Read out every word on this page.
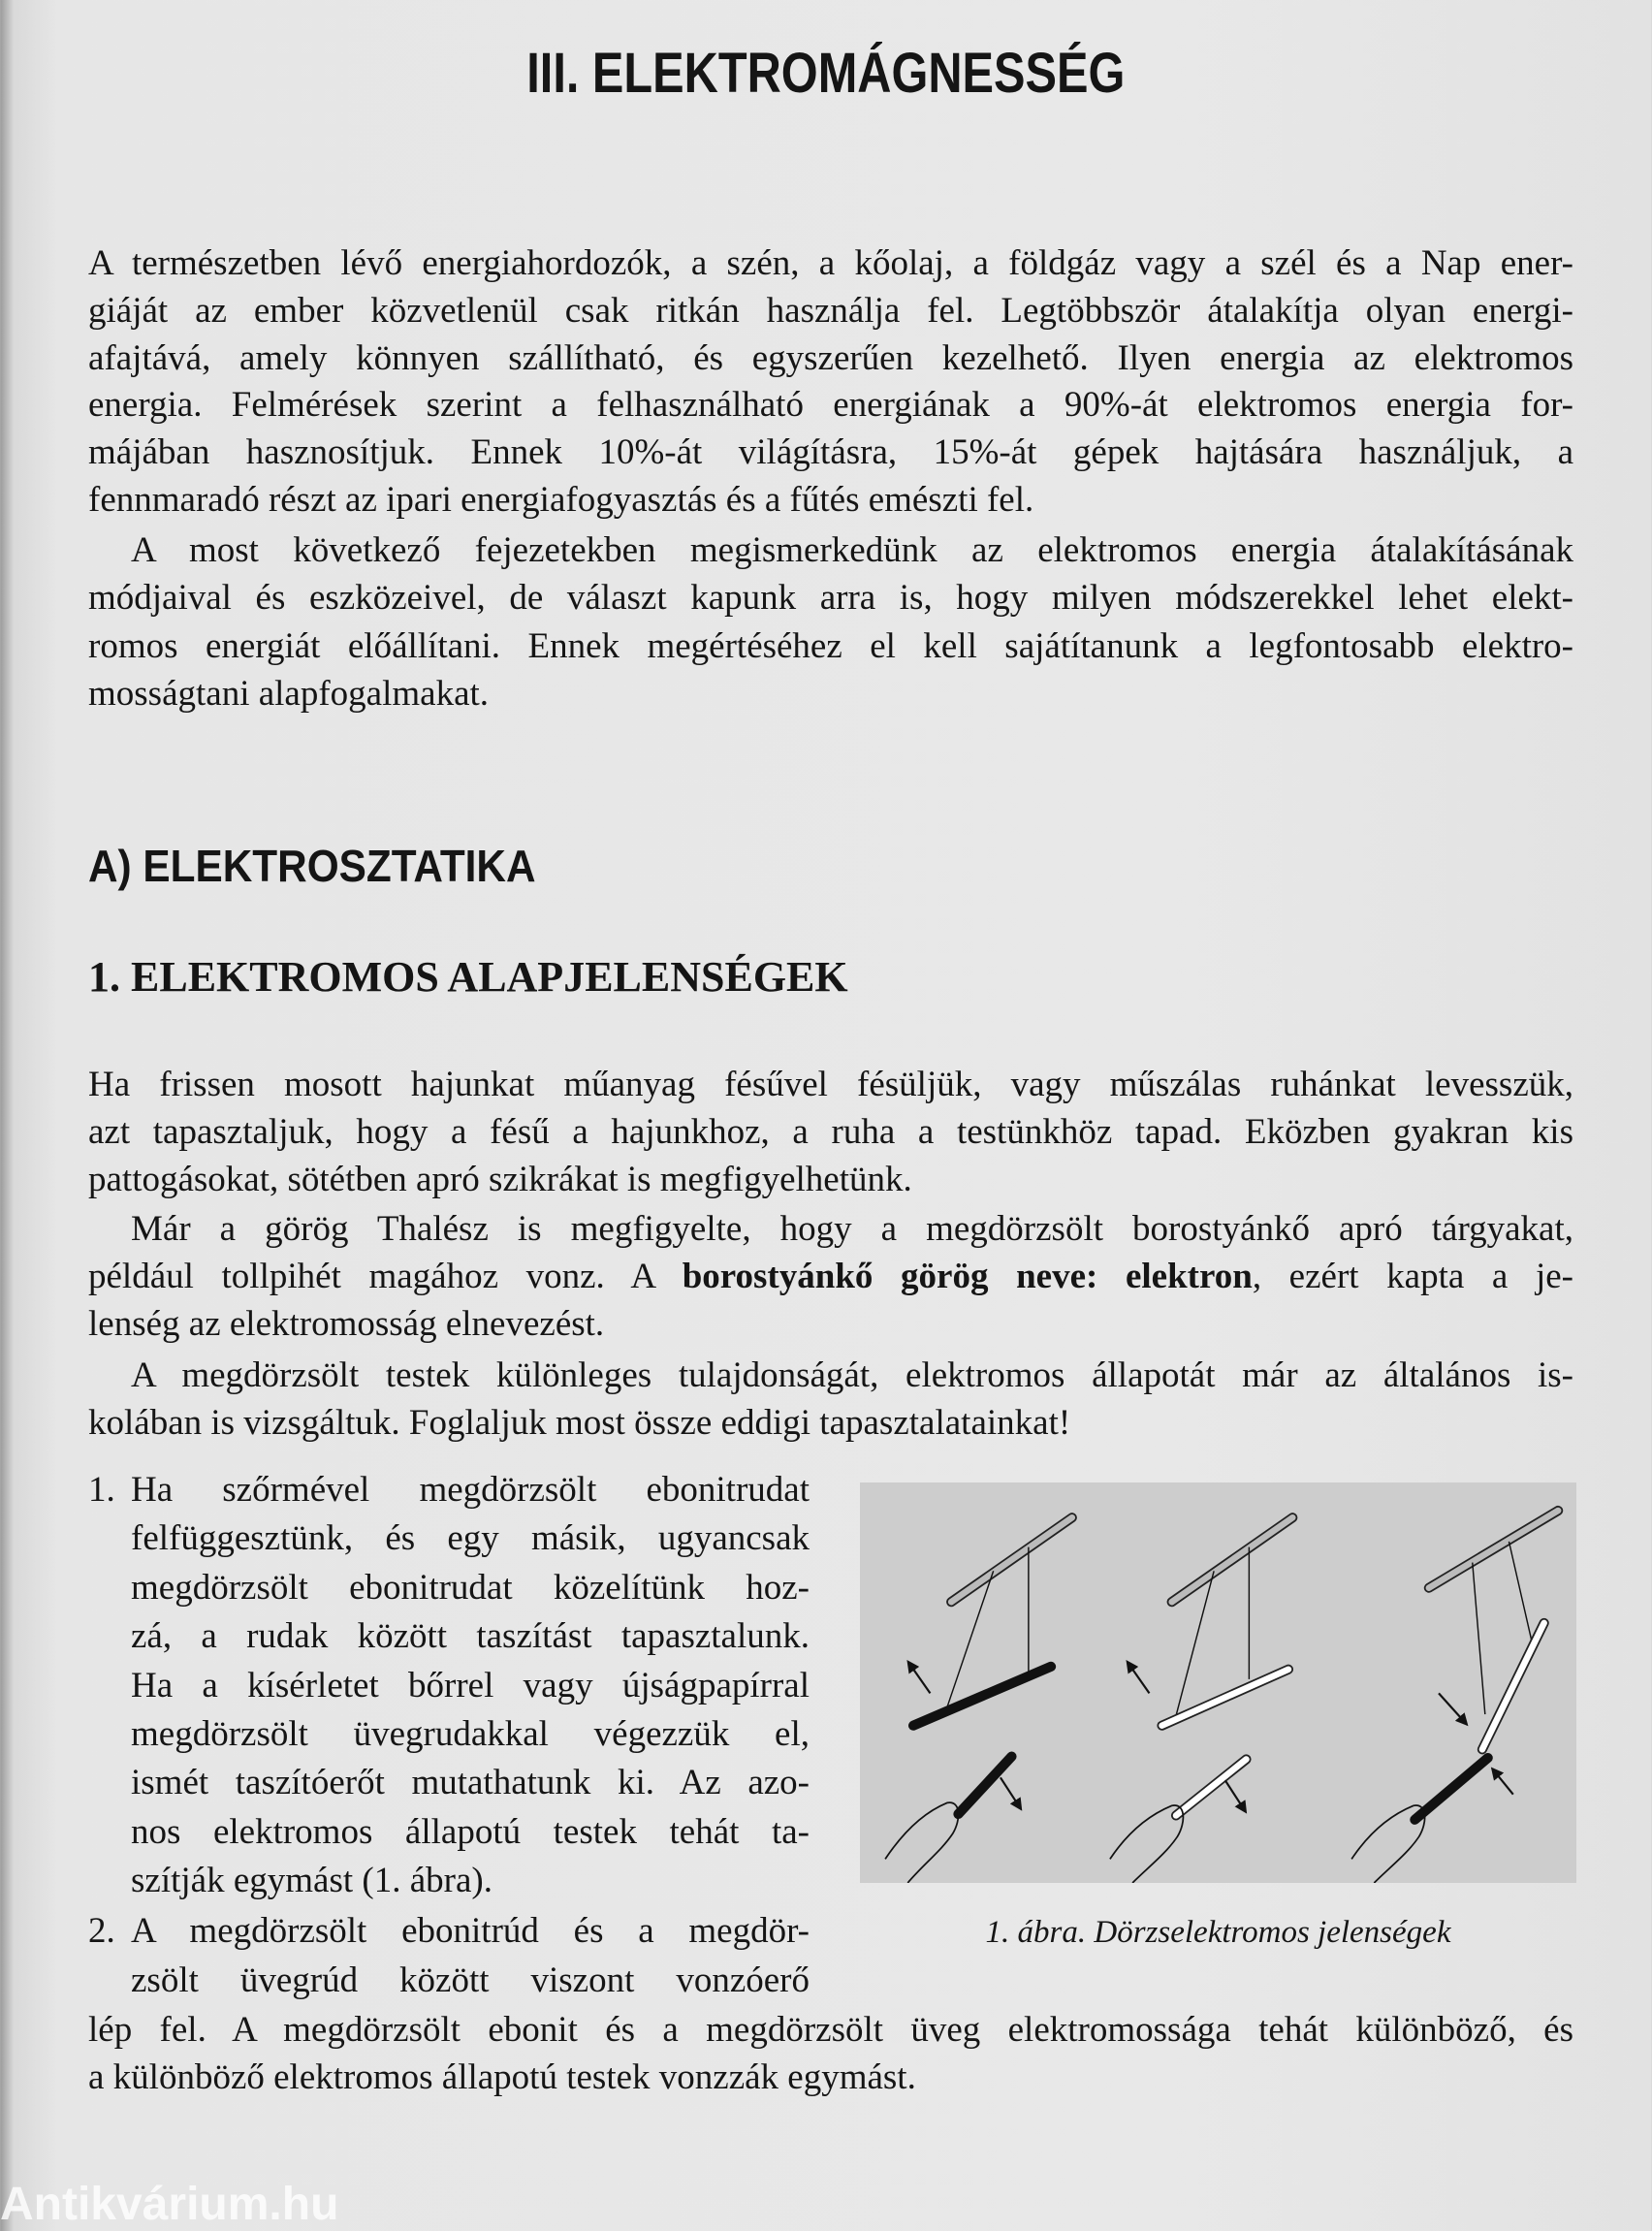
III. ELEKTROMÁGNESSÉG
A természetben lévő energiahordozók, a szén, a kőolaj, a földgáz vagy a szél és a Nap ener-
giáját az ember közvetlenül csak ritkán használja fel. Legtöbbször átalakítja olyan energi-
afajtává, amely könnyen szállítható, és egyszerűen kezelhető. Ilyen energia az elektromos
energia. Felmérések szerint a felhasználható energiának a 90%-át elektromos energia for-
májában hasznosítjuk. Ennek 10%-át világításra, 15%-át gépek hajtására használjuk, a
fennmaradó részt az ipari energiafogyasztás és a fűtés emészti fel.
A most következő fejezetekben megismerkedünk az elektromos energia átalakításának
módjaival és eszközeivel, de választ kapunk arra is, hogy milyen módszerekkel lehet elekt-
romos energiát előállítani. Ennek megértéséhez el kell sajátítanunk a legfontosabb elektro-
mosságtani alapfogalmakat.
Ha frissen mosott hajunkat műanyag fésűvel fésüljük, vagy műszálas ruhánkat levesszük,
azt tapasztaljuk, hogy a fésű a hajunkhoz, a ruha a testünkhöz tapad. Eközben gyakran kis
pattogásokat, sötétben apró szikrákat is megfigyelhetünk.
Már a görög Thalész is megfigyelte, hogy a megdörzsölt borostyánkő apró tárgyakat,
lenség az elektromosság elnevezést.
A megdörzsölt testek különleges tulajdonságát, elektromos állapotát már az általános is-
kolában is vizsgáltuk. Foglaljuk most össze eddigi tapasztalatainkat!
1. Ha szőrmével megdörzsölt ebonitrudat
felfüggesztünk, és egy másik, ugyancsak
megdörzsölt ebonitrudat közelítünk hoz-
zá, a rudak között taszítást tapasztalunk.
Ha a kísérletet bőrrel vagy újságpapírral
megdörzsölt üvegrudakkal végezzük el,
ismét taszítóerőt mutathatunk ki. Az azo-
nos elektromos állapotú testek tehát ta-
szítják egymást (1. ábra).
2. A megdörzsölt ebonitrúd és a megdör-
zsölt üvegrúd között viszont vonzóerő
lép fel. A megdörzsölt ebonit és a megdörzsölt üveg elektromossága tehát különböző, és
a különböző elektromos állapotú testek vonzzák egymást.
például tollpihét magához vonz. A borostyánkő görög neve: elektron, ezért kapta a je-
A) ELEKTROSZTATIKA
1. ELEKTROMOS ALAPJELENSÉGEK
1. ábra. Dörzselektromos jelenségek
Antikvárium.hu
